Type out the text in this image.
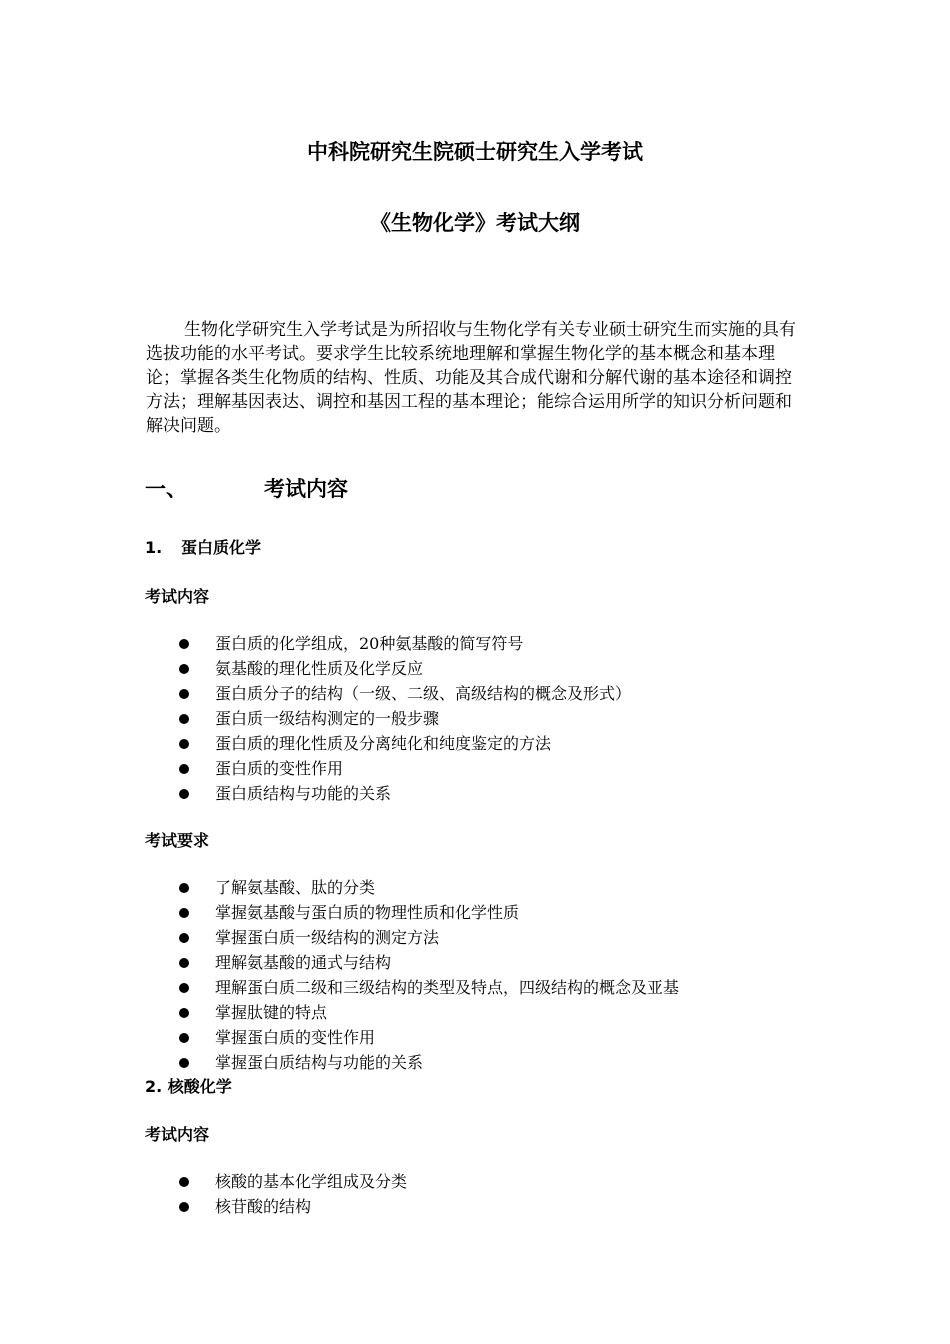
中科院研究生院硕士研究生入学考试
《生物化学》考试大纲

生物化学研究生入学考试是为所招收与生物化学有关专业硕士研究生而实施的具有选拔功能的水平考试。要求学生比较系统地理解和掌握生物化学的基本概念和基本理论；掌握各类生化物质的结构、性质、功能及其合成代谢和分解代谢的基本途径和调控方法；理解基因表达、调控和基因工程的基本理论；能综合运用所学的知识分析问题和解决问题。

一、	考试内容
1. 蛋白质化学
考试内容
蛋白质的化学组成，20种氨基酸的简写符号
氨基酸的理化性质及化学反应
蛋白质分子的结构（一级、二级、高级结构的概念及形式）
蛋白质一级结构测定的一般步骤
蛋白质的理化性质及分离纯化和纯度鉴定的方法
蛋白质的变性作用
蛋白质结构与功能的关系
考试要求
了解氨基酸、肽的分类
掌握氨基酸与蛋白质的物理性质和化学性质
掌握蛋白质一级结构的测定方法
理解氨基酸的通式与结构
理解蛋白质二级和三级结构的类型及特点，四级结构的概念及亚基
掌握肽键的特点
掌握蛋白质的变性作用
掌握蛋白质结构与功能的关系
2. 核酸化学
考试内容
核酸的基本化学组成及分类
核苷酸的结构
